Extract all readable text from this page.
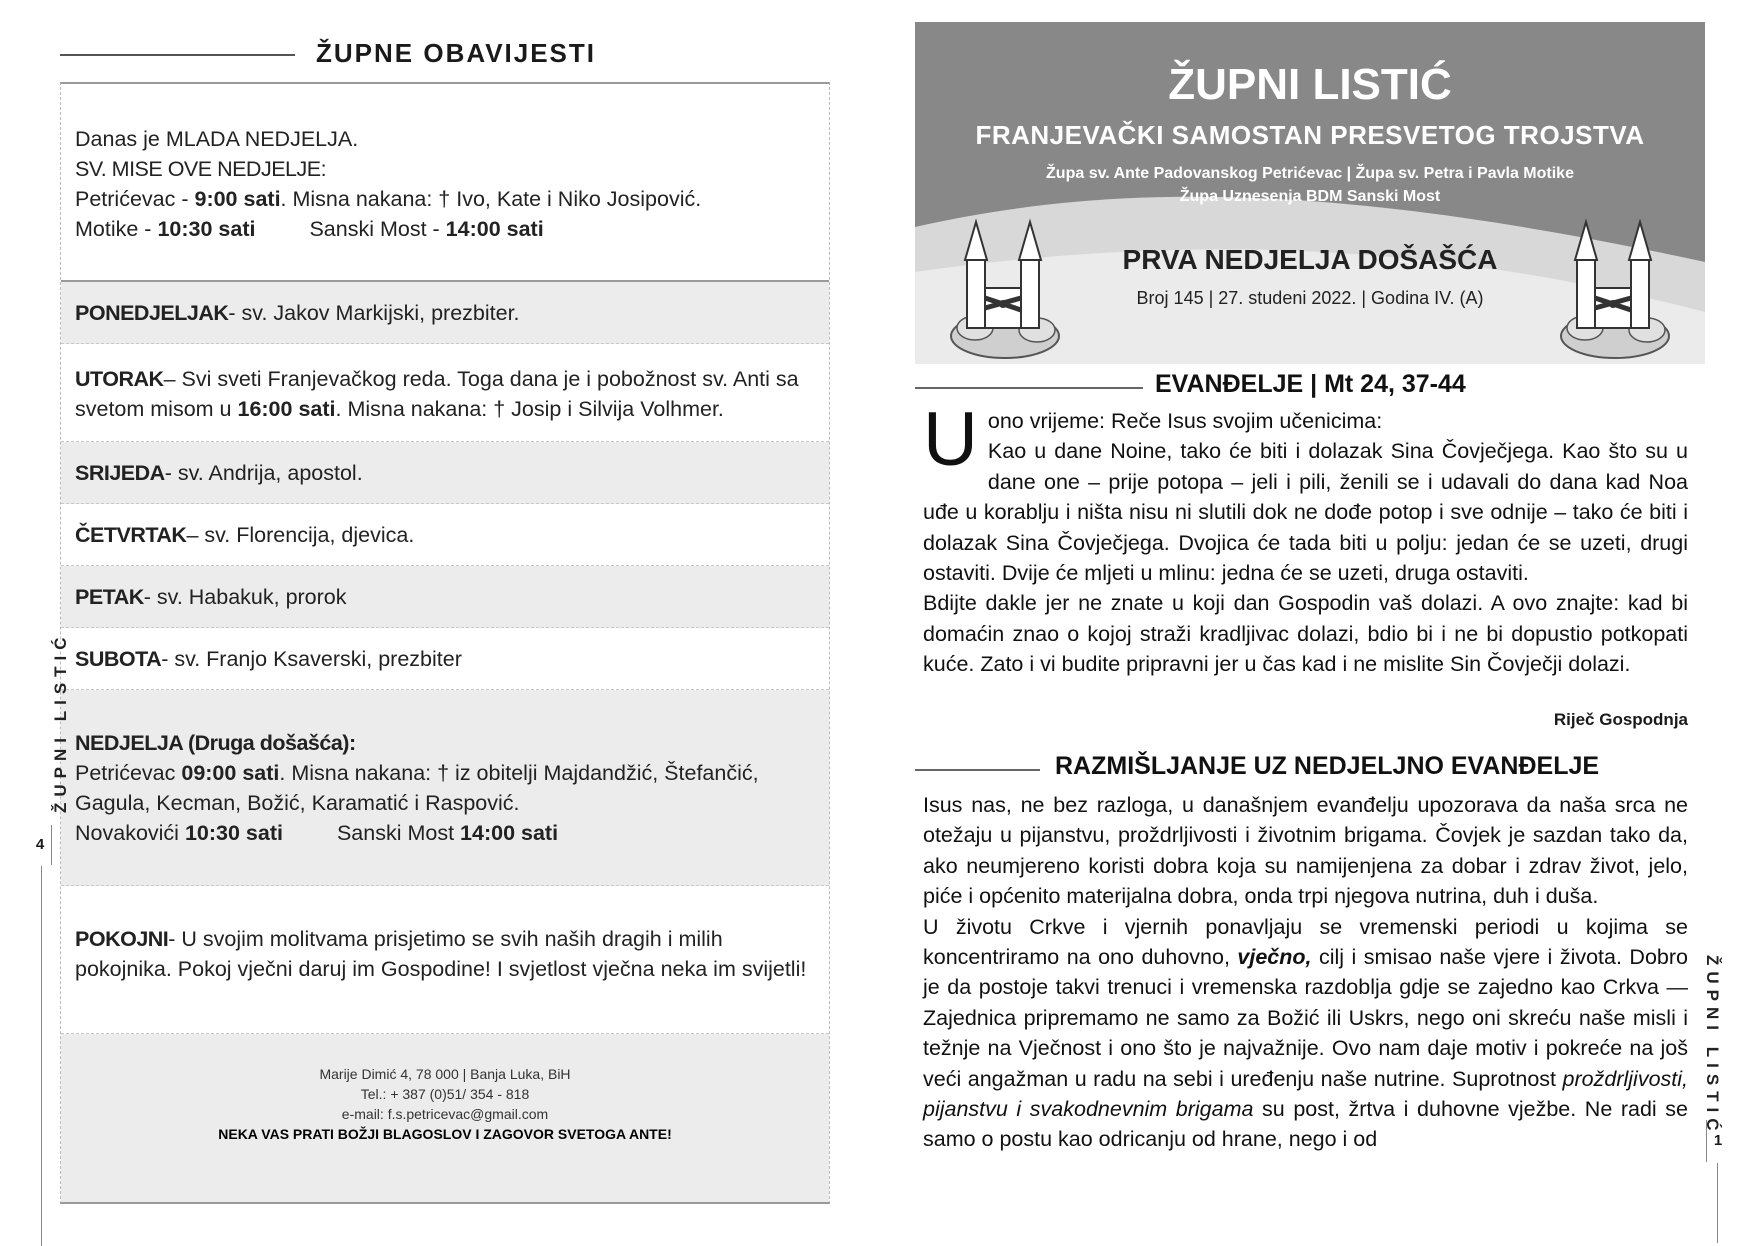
ŽUPNE OBAVIJESTI
Danas je MLADA NEDJELJA.
SV. MISE OVE NEDJELJE:
Petrićevac - 9:00 sati. Misna nakana: † Ivo, Kate i Niko Josipović.
Motike - 10:30 sati	Sanski Most - 14:00 sati
PONEDJELJAK- sv. Jakov Markijski, prezbiter.
UTORAK– Svi sveti Franjevačkog reda. Toga dana je i pobožnost sv. Anti sa svetom misom u 16:00 sati. Misna nakana: † Josip i Silvija Volhmer.
SRIJEDA- sv. Andrija, apostol.
ČETVRTAK– sv. Florencija, djevica.
PETAK- sv. Habakuk, prorok
SUBOTA- sv. Franjo Ksaverski, prezbiter
NEDJELJA (Druga došašća):
Petrićevac 09:00 sati. Misna nakana: † iz obitelji Majdandžić, Štefančić, Gagula, Kecman, Božić, Karamatić i Raspović.
Novakovići 10:30 sati	Sanski Most 14:00 sati
POKOJNI- U svojim molitvama prisjetimo se svih naših dragih i milih pokojnika. Pokoj vječni daruj im Gospodine! I svjetlost vječna neka im svijetli!
Marije Dimić 4, 78 000 | Banja Luka, BiH
Tel.: + 387 (0)51/ 354 - 818
e-mail: f.s.petricevac@gmail.com
NEKA VAS PRATI BOŽJI BLAGOSLOV I ZAGOVOR SVETOGA ANTE!
ŽUPNI LISTIĆ
4
ŽUPNI LISTIĆ
FRANJEVAČKI SAMOSTAN PRESVETOG TROJSTVA
Župa sv. Ante Padovanskog Petrićevac | Župa sv. Petra i Pavla Motike
Župa Uznesenja BDM Sanski Most
PRVA NEDJELJA DOŠAŠĆA
Broj 145 | 27. studeni 2022. | Godina IV. (A)
EVANĐELJE | Mt 24, 37-44
U ono vrijeme: Reče Isus svojim učenicima:
Kao u dane Noine, tako će biti i dolazak Sina Čovječjega. Kao što su u dane one – prije potopa – jeli i pili, ženili se i udavali do dana kad Noa uđe u korablju i ništa nisu ni slutili dok ne dođe potop i sve odnije – tako će biti i dolazak Sina Čovječjega. Dvojica će tada biti u polju: jedan će se uzeti, drugi ostaviti. Dvije će mljeti u mlinu: jedna će se uzeti, druga ostaviti.
Bdijte dakle jer ne znate u koji dan Gospodin vaš dolazi. A ovo znajte: kad bi domaćin znao o kojoj straži kradljivac dolazi, bdio bi i ne bi dopustio potkopati kuće. Zato i vi budite pripravni jer u čas kad i ne mislite Sin Čovječji dolazi.
Riječ Gospodnja
RAZMIŠLJANJE UZ NEDJELJNO EVANĐELJE
Isus nas, ne bez razloga, u današnjem evanđelju upozorava da naša srca ne otežaju u pijanstvu, proždrljivosti i životnim brigama. Čovjek je sazdan tako da, ako neumjereno koristi dobra koja su namijenjena za dobar i zdrav život, jelo, piće i općenito materijalna dobra, onda trpi njegova nutrina, duh i duša.
U životu Crkve i vjernih ponavljaju se vremenski periodi u kojima se koncentriramo na ono duhovno, vječno, cilj i smisao naše vjere i života. Dobro je da postoje takvi trenuci i vremenska razdoblja gdje se zajedno kao Crkva — Zajednica pripremamo ne samo za Božić ili Uskrs, nego oni skreću naše misli i težnje na Vječnost i ono što je najvažnije. Ovo nam daje motiv i pokreće na još veći angažman u radu na sebi i uređenju naše nutrine. Suprotnost proždrljivosti, pijanstvu i svakodnevnim brigama su post, žrtva i duhovne vježbe. Ne radi se samo o postu kao odricanju od hrane, nego i od
ŽUPNI LISTIĆ
1
